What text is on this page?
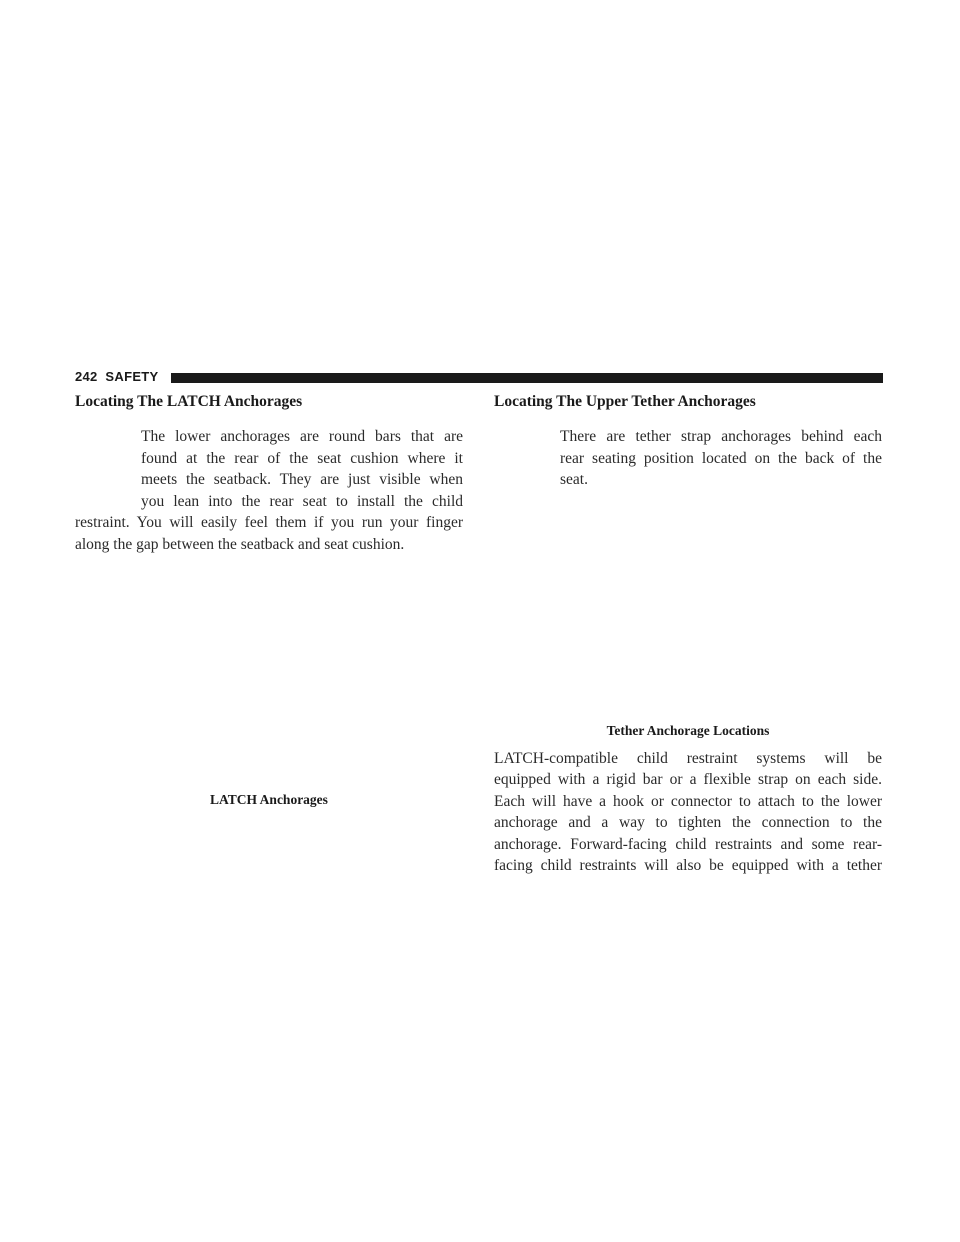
242 SAFETY
Locating The LATCH Anchorages

The lower anchorages are round bars that are
found at the rear of the seat cushion where it
meets the seatback. They are just visible when
you lean into the rear seat to install the child

restraint. You will easily feel them if you run your finger
along the gap between the seatback and seat cushion.

LATCH Anchorages
Locating The Upper Tether Anchorages

There are tether strap anchorages behind each
rear seating position located on the back of the
seat.

Tether Anchorage Locations

LATCH-compatible child restraint systems will be
equipped with a rigid bar or a flexible strap on each side.
Each will have a hook or connector to attach to the lower
anchorage and a way to tighten the connection to the
anchorage. Forward-facing child restraints and some rear-
facing child restraints will also be equipped with a tether
